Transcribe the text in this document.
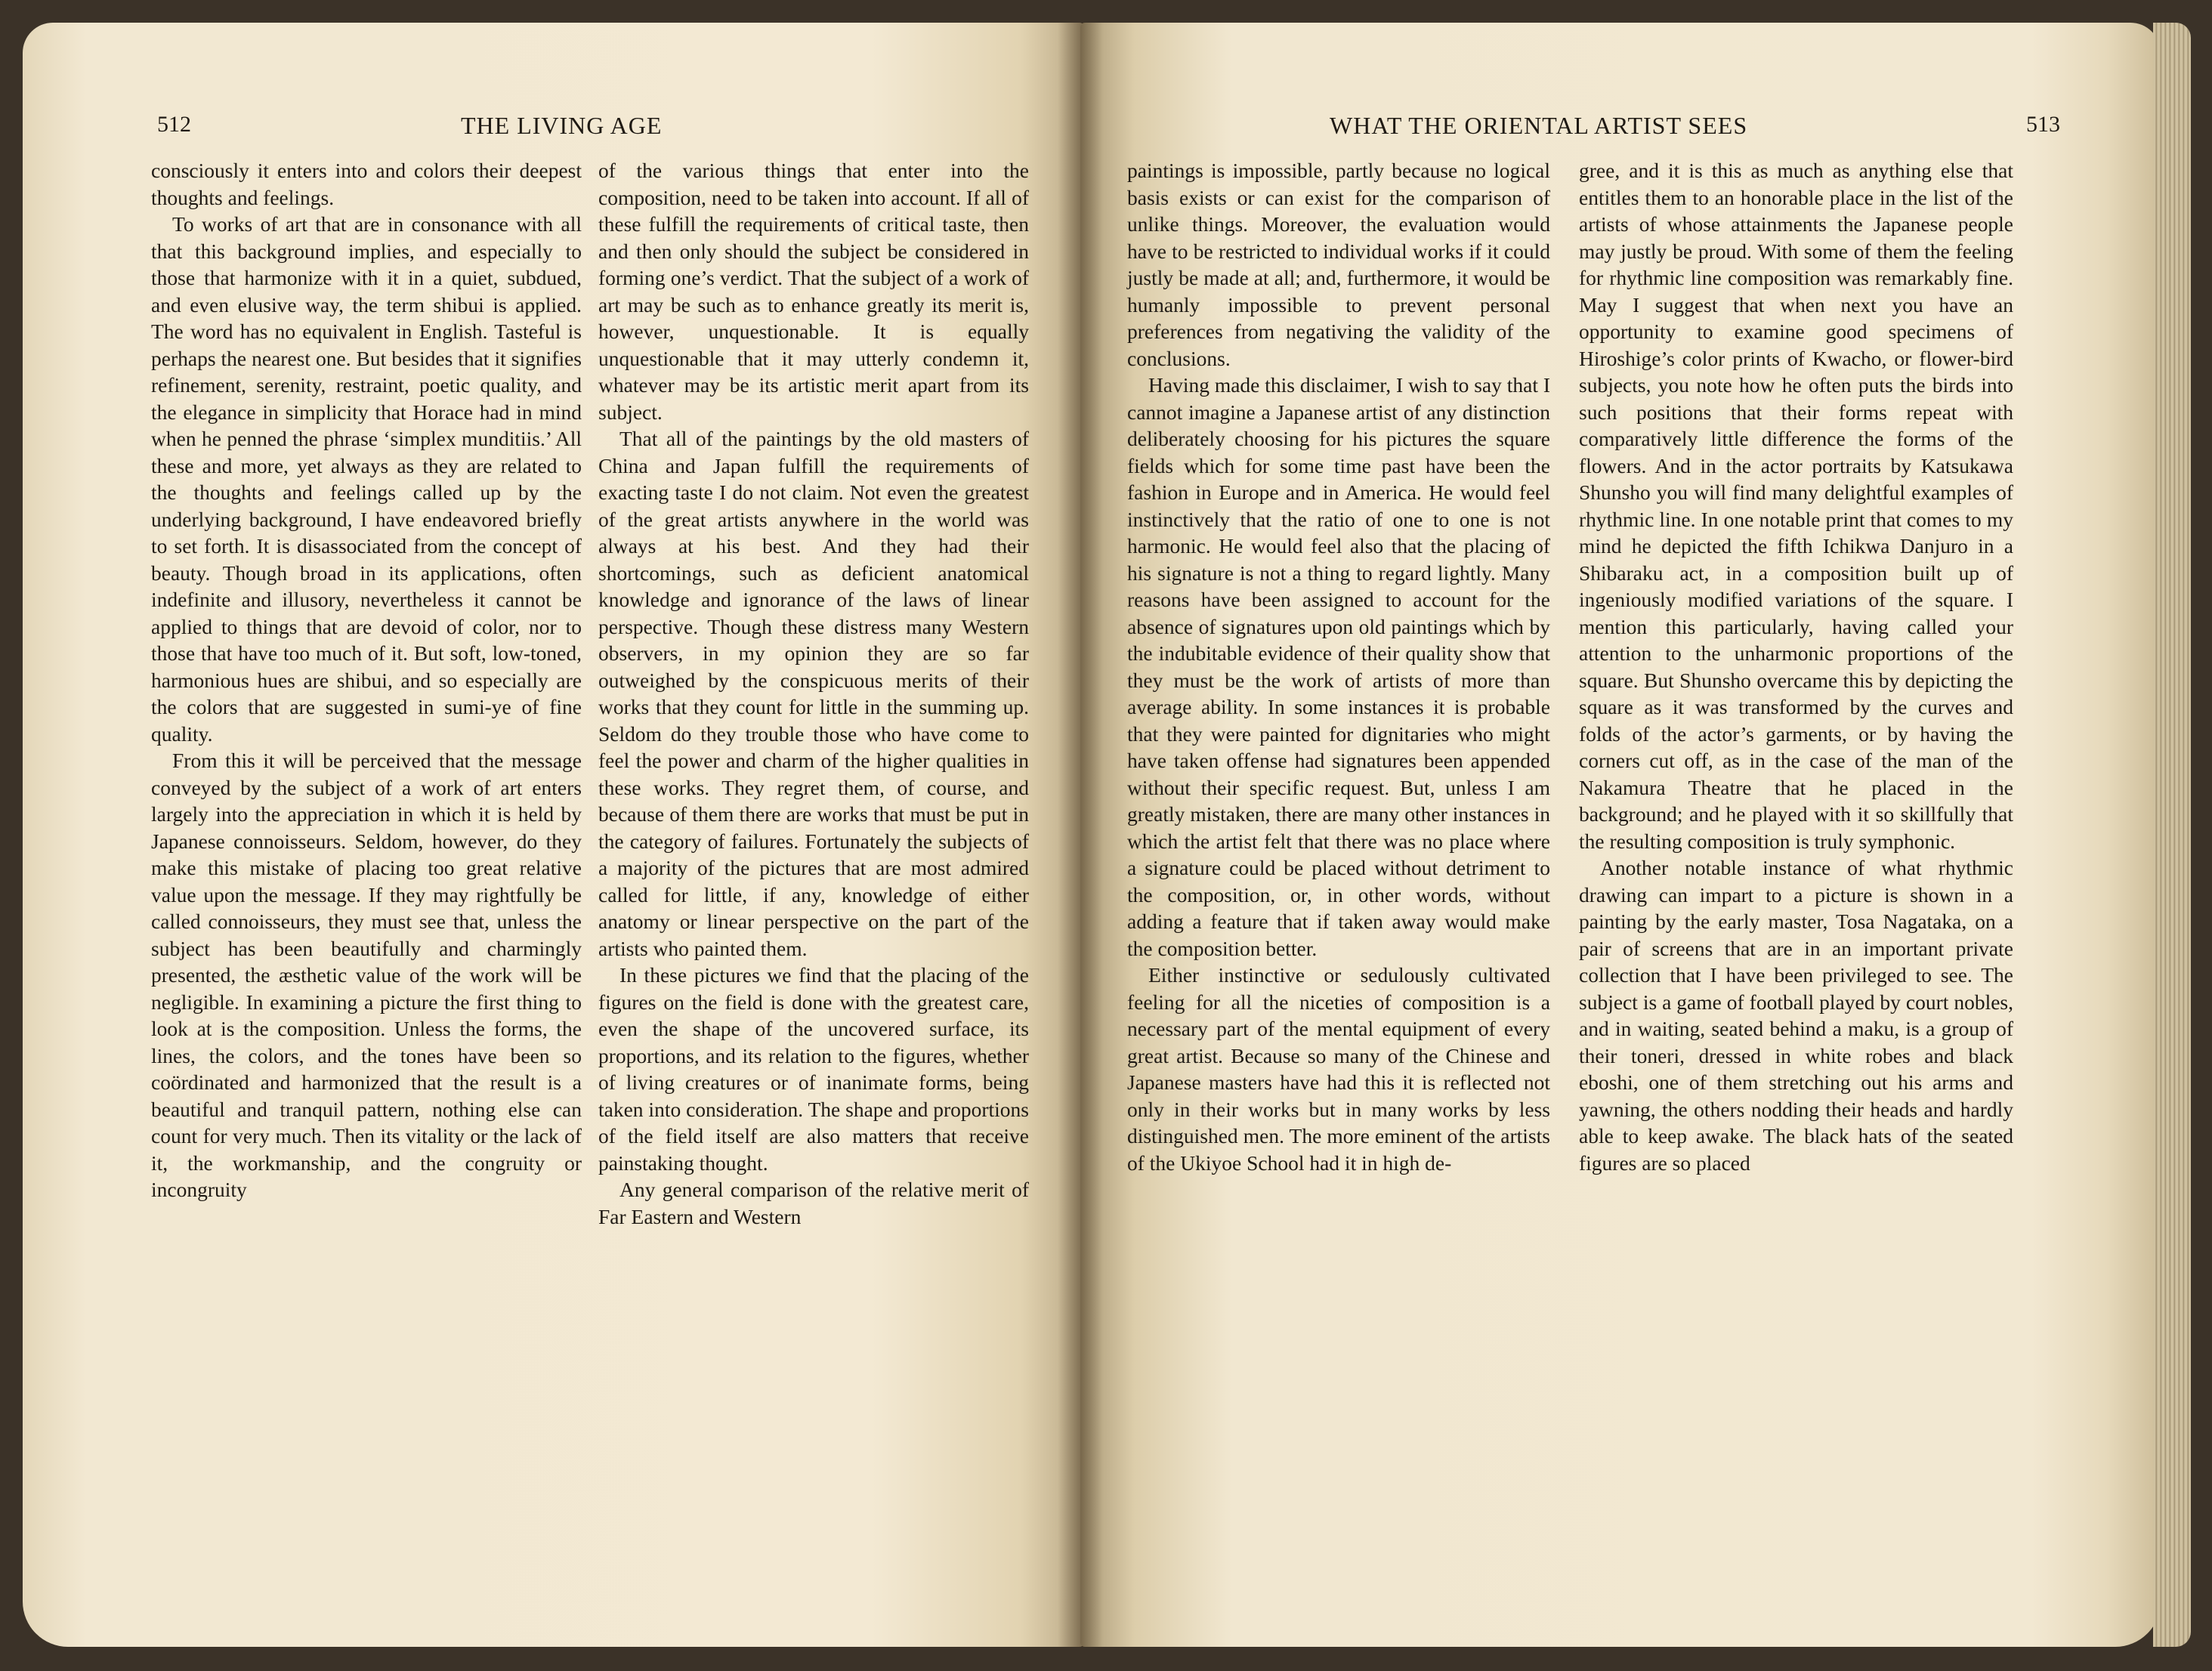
512	THE LIVING AGE

consciously it enters into and colors their deepest thoughts and feelings.

To works of art that are in consonance with all that this background implies, and especially to those that harmonize with it in a quiet, subdued, and even elusive way, the term shibui is applied. The word has no equivalent in English. Tasteful is perhaps the nearest one. But besides that it signifies refinement, serenity, restraint, poetic quality, and the elegance in simplicity that Horace had in mind when he penned the phrase ‘simplex munditiis.’ All these and more, yet always as they are related to the thoughts and feelings called up by the underlying background, I have endeavored briefly to set forth. It is disassociated from the concept of beauty. Though broad in its applications, often indefinite and illusory, nevertheless it cannot be applied to things that are devoid of color, nor to those that have too much of it. But soft, low-toned, harmonious hues are shibui, and so especially are the colors that are suggested in sumi-ye of fine quality.

From this it will be perceived that the message conveyed by the subject of a work of art enters largely into the appreciation in which it is held by Japanese connoisseurs. Seldom, however, do they make this mistake of placing too great relative value upon the message. If they may rightfully be called connoisseurs, they must see that, unless the subject has been beautifully and charmingly presented, the æsthetic value of the work will be negligible. In examining a picture the first thing to look at is the composition. Unless the forms, the lines, the colors, and the tones have been so coördinated and harmonized that the result is a beautiful and tranquil pattern, nothing else can count for very much. Then its vitality or the lack of it, the workmanship, and the congruity or incongruity

of the various things that enter into the composition, need to be taken into account. If all of these fulfill the requirements of critical taste, then and then only should the subject be considered in forming one’s verdict. That the subject of a work of art may be such as to enhance greatly its merit is, however, unquestionable. It is equally unquestionable that it may utterly condemn it, whatever may be its artistic merit apart from its subject.

That all of the paintings by the old masters of China and Japan fulfill the requirements of exacting taste I do not claim. Not even the greatest of the great artists anywhere in the world was always at his best. And they had their shortcomings, such as deficient anatomical knowledge and ignorance of the laws of linear perspective. Though these distress many Western observers, in my opinion they are so far outweighed by the conspicuous merits of their works that they count for little in the summing up. Seldom do they trouble those who have come to feel the power and charm of the higher qualities in these works. They regret them, of course, and because of them there are works that must be put in the category of failures. Fortunately the subjects of a majority of the pictures that are most admired called for little, if any, knowledge of either anatomy or linear perspective on the part of the artists who painted them.

In these pictures we find that the placing of the figures on the field is done with the greatest care, even the shape of the uncovered surface, its proportions, and its relation to the figures, whether of living creatures or of inanimate forms, being taken into consideration. The shape and proportions of the field itself are also matters that receive painstaking thought.

Any general comparison of the relative merit of Far Eastern and Western

WHAT THE ORIENTAL ARTIST SEES	513

paintings is impossible, partly because no logical basis exists or can exist for the comparison of unlike things. Moreover, the evaluation would have to be restricted to individual works if it could justly be made at all; and, furthermore, it would be humanly impossible to prevent personal preferences from negativing the validity of the conclusions.

Having made this disclaimer, I wish to say that I cannot imagine a Japanese artist of any distinction deliberately choosing for his pictures the square fields which for some time past have been the fashion in Europe and in America. He would feel instinctively that the ratio of one to one is not harmonic. He would feel also that the placing of his signature is not a thing to regard lightly. Many reasons have been assigned to account for the absence of signatures upon old paintings which by the indubitable evidence of their quality show that they must be the work of artists of more than average ability. In some instances it is probable that they were painted for dignitaries who might have taken offense had signatures been appended without their specific request. But, unless I am greatly mistaken, there are many other instances in which the artist felt that there was no place where a signature could be placed without detriment to the composition, or, in other words, without adding a feature that if taken away would make the composition better.

Either instinctive or sedulously cultivated feeling for all the niceties of composition is a necessary part of the mental equipment of every great artist. Because so many of the Chinese and Japanese masters have had this it is reflected not only in their works but in many works by less distinguished men. The more eminent of the artists of the Ukiyoe School had it in high de-

gree, and it is this as much as anything else that entitles them to an honorable place in the list of the artists of whose attainments the Japanese people may justly be proud. With some of them the feeling for rhythmic line composition was remarkably fine. May I suggest that when next you have an opportunity to examine good specimens of Hiroshige’s color prints of Kwacho, or flower-bird subjects, you note how he often puts the birds into such positions that their forms repeat with comparatively little difference the forms of the flowers. And in the actor portraits by Katsukawa Shunsho you will find many delightful examples of rhythmic line. In one notable print that comes to my mind he depicted the fifth Ichikwa Danjuro in a Shibaraku act, in a composition built up of ingeniously modified variations of the square. I mention this particularly, having called your attention to the unharmonic proportions of the square. But Shunsho overcame this by depicting the square as it was transformed by the curves and folds of the actor’s garments, or by having the corners cut off, as in the case of the man of the Nakamura Theatre that he placed in the background; and he played with it so skillfully that the resulting composition is truly symphonic.

Another notable instance of what rhythmic drawing can impart to a picture is shown in a painting by the early master, Tosa Nagataka, on a pair of screens that are in an important private collection that I have been privileged to see. The subject is a game of football played by court nobles, and in waiting, seated behind a maku, is a group of their toneri, dressed in white robes and black eboshi, one of them stretching out his arms and yawning, the others nodding their heads and hardly able to keep awake. The black hats of the seated figures are so placed
